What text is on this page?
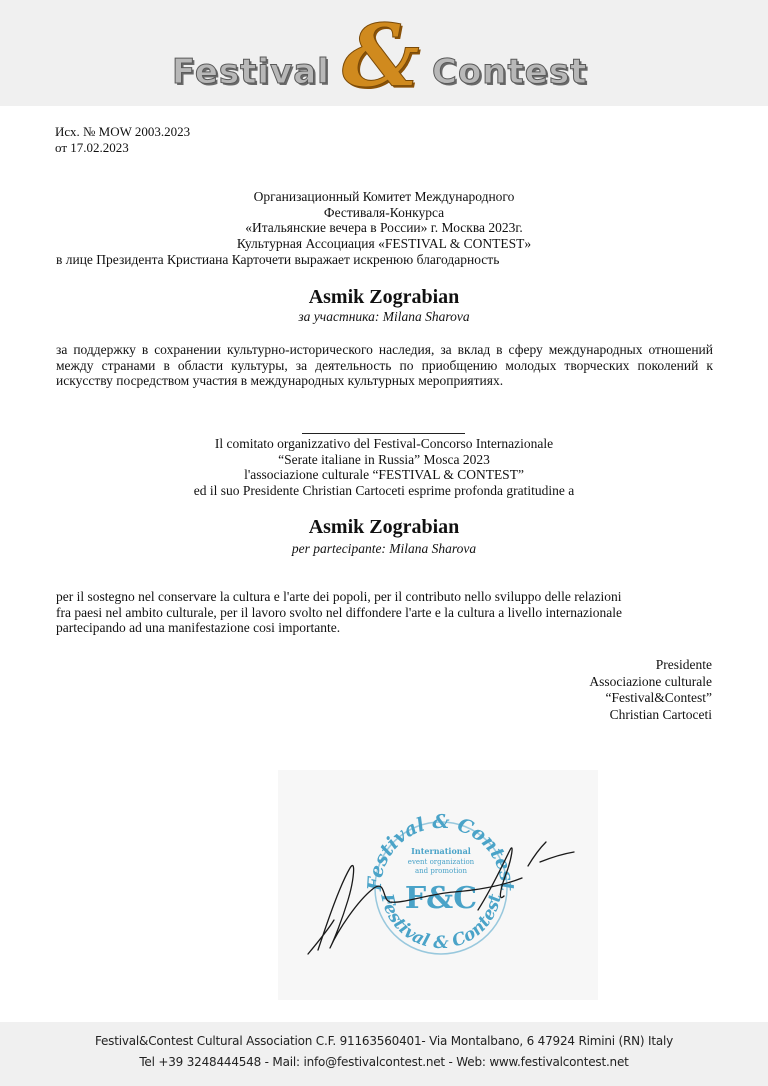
Festival & Contest
Исх. № MOW 2003.2023
от 17.02.2023
Организационный Комитет Международного
Фестиваля-Конкурса
«Итальянские вечера в России» г. Москва 2023г.
Культурная Ассоциация «FESTIVAL & CONTEST»
в лице Президента Кристиана Карточети выражает искренюю благодарность
Asmik Zograbian
за участника: Milana Sharova
за поддержку в сохранении культурно-исторического наследия, за вклад в сферу международных отношений между странами в области культуры, за деятельность по приобщению молодых творческих поколений к искусству посредством участия в международных культурных мероприятиях.
Il comitato organizzativo del Festival-Concorso Internazionale
“Serate italiane in Russia” Mosca 2023
l'associazione culturale “FESTIVAL & CONTEST”
ed il suo Presidente Christian Cartoceti esprime profonda gratitudine a
Asmik Zograbian
per partecipante: Milana Sharova
per il sostegno nel conservare la cultura e l'arte dei popoli, per il contributo nello sviluppo delle relazioni
fra paesi nel ambito culturale, per il lavoro svolto nel diffondere l'arte e la cultura a livello internazionale
partecipando ad una manifestazione cosi importante.
Presidente
Associazione culturale
“Festival&Contest”
Christian Cartoceti
Festival & Contest
Festival & Contest
International
event organization
and promotion
F&C
Festival&Contest Cultural Association C.F. 91163560401- Via Montalbano, 6 47924 Rimini (RN) Italy
Tel +39 3248444548 - Mail: info@festivalcontest.net - Web: www.festivalcontest.net
